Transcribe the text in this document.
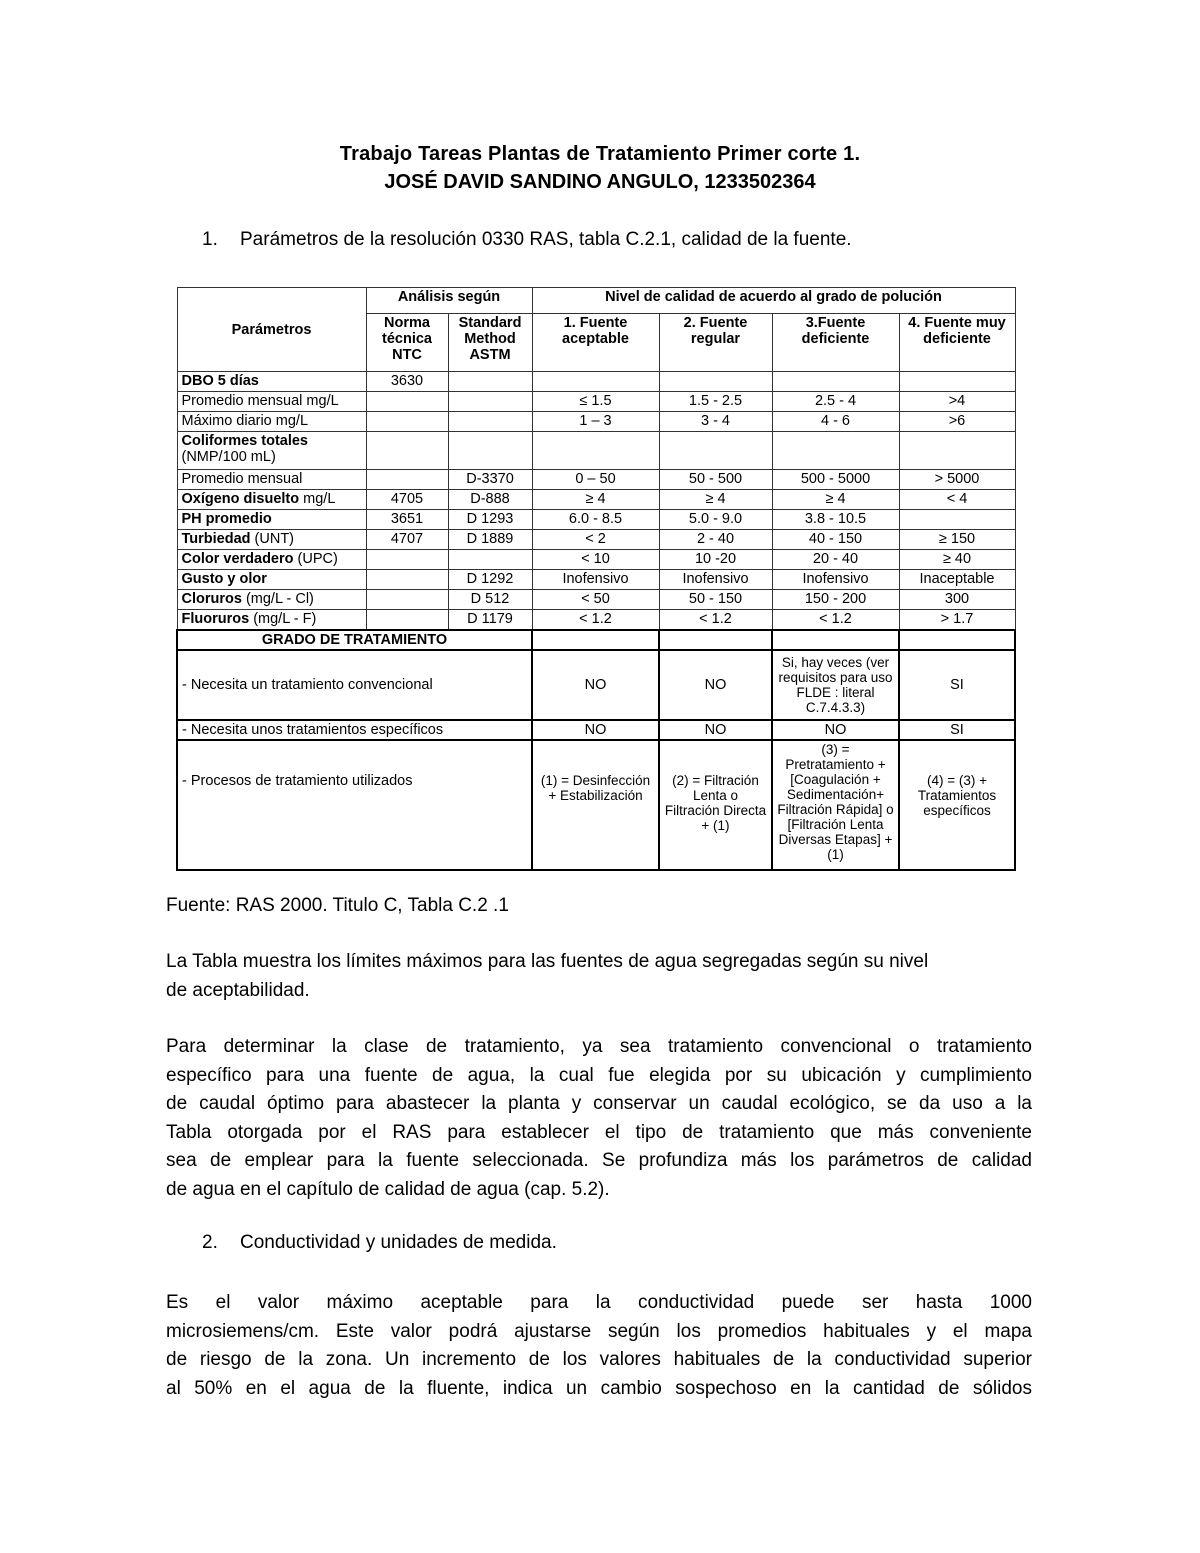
Trabajo Tareas Plantas de Tratamiento Primer corte 1.
JOSÉ DAVID SANDINO ANGULO, 1233502364
1. Parámetros de la resolución 0330 RAS, tabla C.2.1, calidad de la fuente.
Parámetros	Análisis según		Nivel de calidad de acuerdo al grado de polución			
	Norma técnica NTC	Standard Method ASTM	1. Fuente aceptable	2. Fuente regular	3.Fuente deficiente	4. Fuente muy deficiente
DBO 5 días	3630					
Promedio mensual mg/L			≤ 1.5	1.5 - 2.5	2.5 - 4	>4
Máximo diario mg/L			1 – 3	3 - 4	4 - 6	>6
Coliformes totales
(NMP/100 mL)						
Promedio mensual		D-3370	0 – 50	50 - 500	500 - 5000	> 5000
Oxígeno disuelto mg/L	4705	D-888	≥ 4	≥ 4	≥ 4	< 4
PH promedio	3651	D 1293	6.0 - 8.5	5.0 - 9.0	3.8 - 10.5	
Turbiedad (UNT)	4707	D 1889	< 2	2 - 40	40 - 150	≥ 150
Color verdadero (UPC)			< 10	10 -20	20 - 40	≥ 40
Gusto y olor		D 1292	Inofensivo	Inofensivo	Inofensivo	Inaceptable
Cloruros (mg/L - Cl)		D 512	< 50	50 - 150	150 - 200	300
Fluoruros (mg/L - F)		D 1179	< 1.2	< 1.2	< 1.2	> 1.7
GRADO DE TRATAMIENTO						
- Necesita un tratamiento convencional			NO	NO	Si, hay veces (ver requisitos para uso FLDE : literal C.7.4.3.3)	SI
- Necesita unos tratamientos específicos			NO	NO	NO	SI
- Procesos de tratamiento utilizados			(1) = Desinfección + Estabilización	(2) = Filtración Lenta o Filtración Directa + (1)	(3) = Pretratamiento + [Coagulación + Sedimentación+ Filtración Rápida] o [Filtración Lenta Diversas Etapas] + (1)	(4) = (3) + Tratamientos específicos
Fuente: RAS 2000. Titulo C, Tabla C.2 .1
La Tabla muestra los límites máximos para las fuentes de agua segregadas según su nivel
de aceptabilidad.
Para determinar la clase de tratamiento, ya sea tratamiento convencional o tratamiento
específico para una fuente de agua, la cual fue elegida por su ubicación y cumplimiento
de caudal óptimo para abastecer la planta y conservar un caudal ecológico, se da uso a la
Tabla otorgada por el RAS para establecer el tipo de tratamiento que más conveniente
sea de emplear para la fuente seleccionada. Se profundiza más los parámetros de calidad
de agua en el capítulo de calidad de agua (cap. 5.2).
2. Conductividad y unidades de medida.
Es el valor máximo aceptable para la conductividad puede ser hasta 1000
microsiemens/cm. Este valor podrá ajustarse según los promedios habituales y el mapa
de riesgo de la zona. Un incremento de los valores habituales de la conductividad superior
al 50% en el agua de la fluente, indica un cambio sospechoso en la cantidad de sólidos
